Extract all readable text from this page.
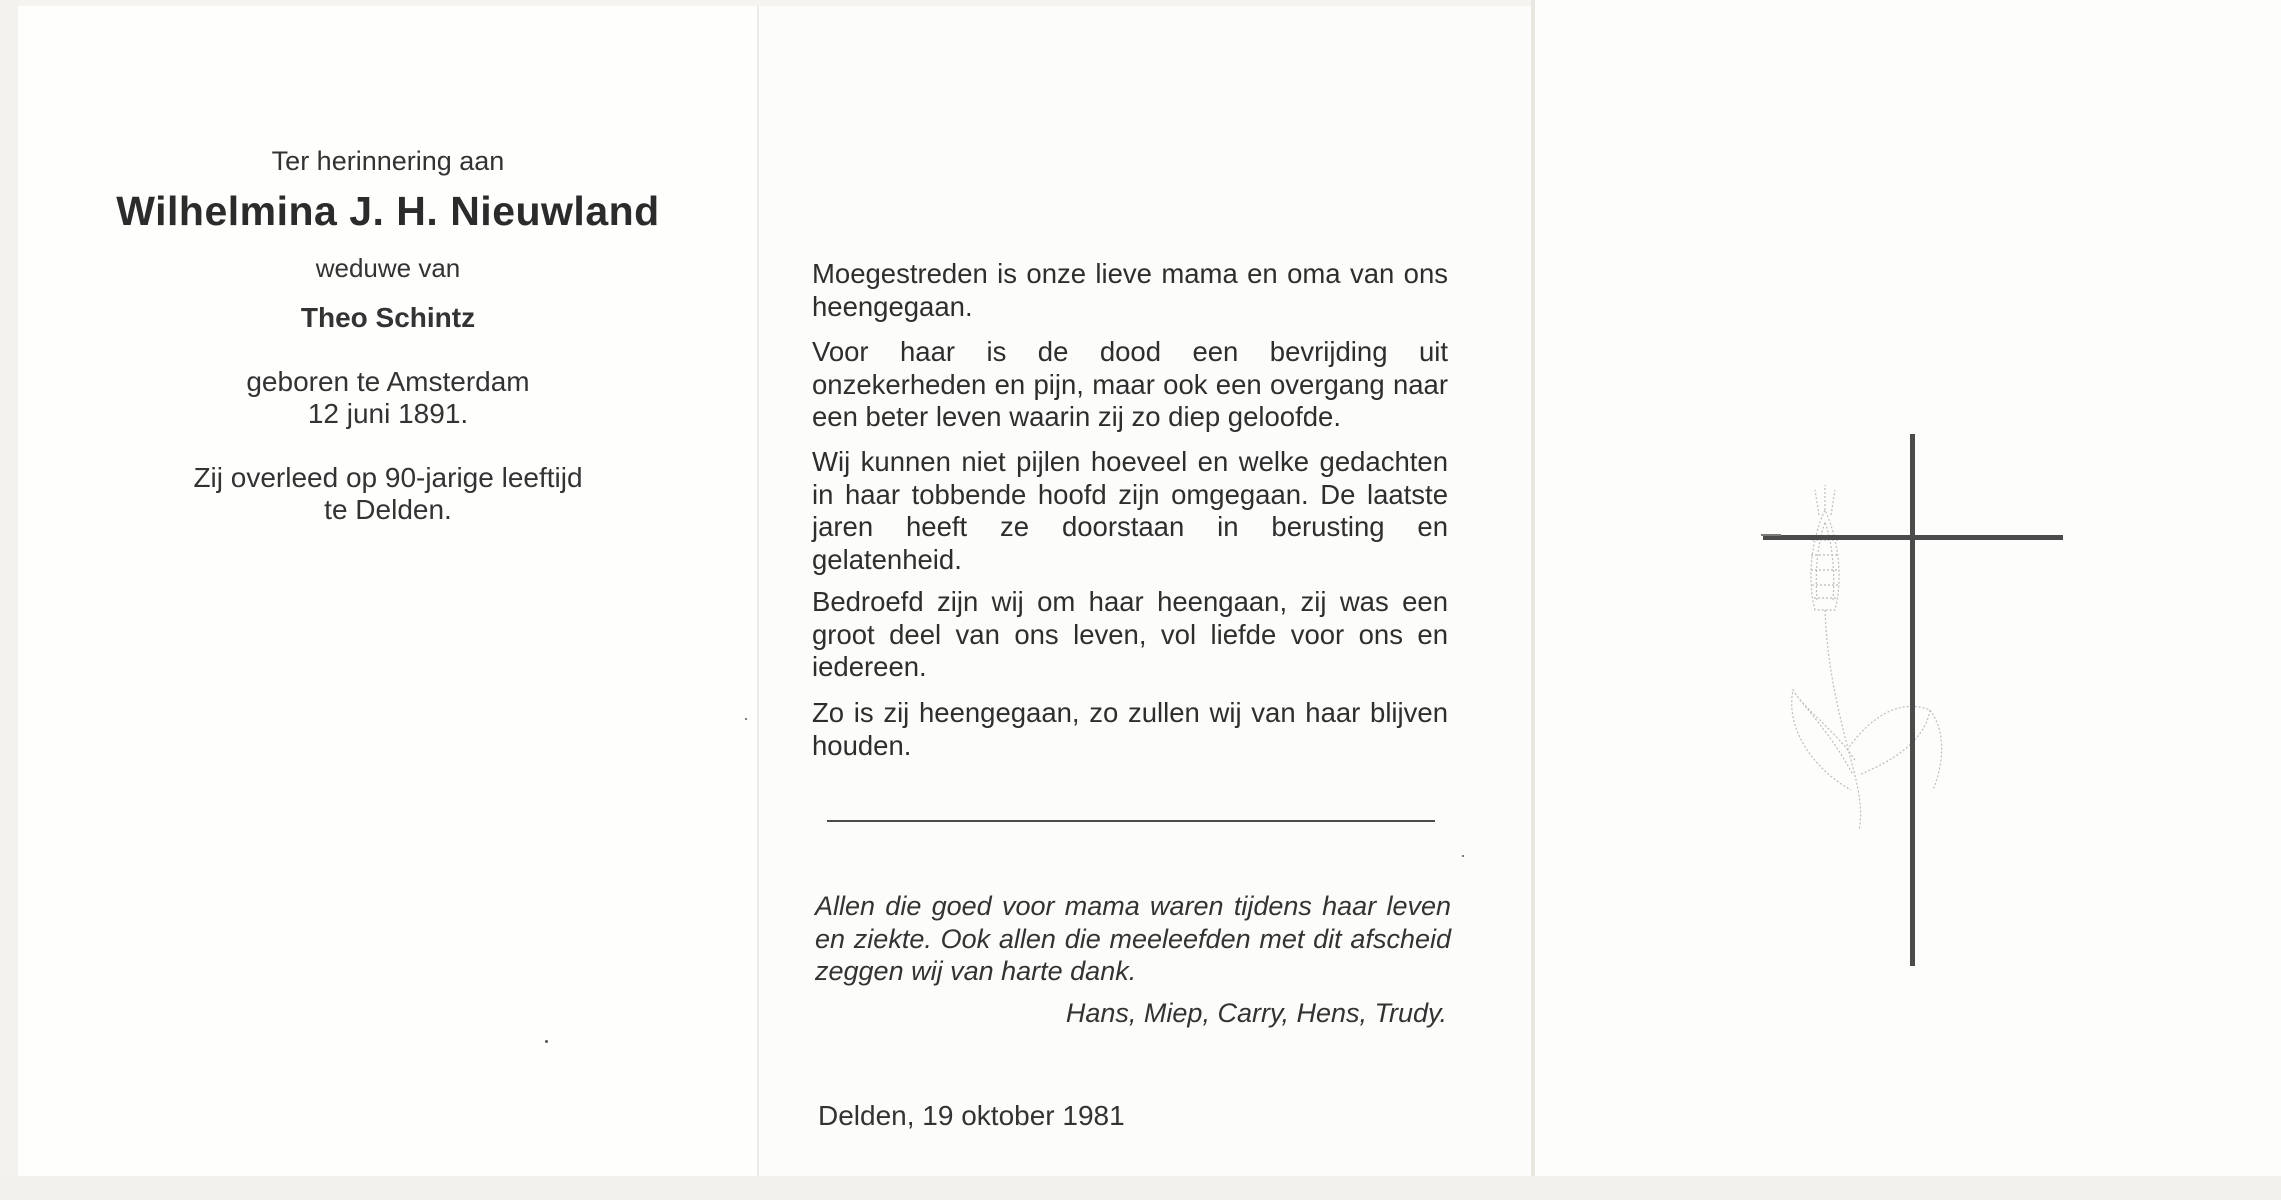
Ter herinnering aan
Wilhelmina J. H. Nieuwland
weduwe van
Theo Schintz
geboren te Amsterdam
12 juni 1891.
Zij overleed op 90-jarige leeftijd
te Delden.
Moegestreden is onze lieve mama en oma van ons heengegaan.
Voor haar is de dood een bevrijding uit onzekerheden en pijn, maar ook een overgang naar een beter leven waarin zij zo diep geloofde.
Wij kunnen niet pijlen hoeveel en welke gedachten in haar tobbende hoofd zijn omgegaan. De laatste jaren heeft ze doorstaan in berusting en gelatenheid.
Bedroefd zijn wij om haar heengaan, zij was een groot deel van ons leven, vol liefde voor ons en iedereen.
Zo is zij heengegaan, zo zullen wij van haar blijven houden.
Allen die goed voor mama waren tijdens haar leven en ziekte. Ook allen die meeleefden met dit afscheid zeggen wij van harte dank.
Hans, Miep, Carry, Hens, Trudy.
Delden, 19 oktober 1981
